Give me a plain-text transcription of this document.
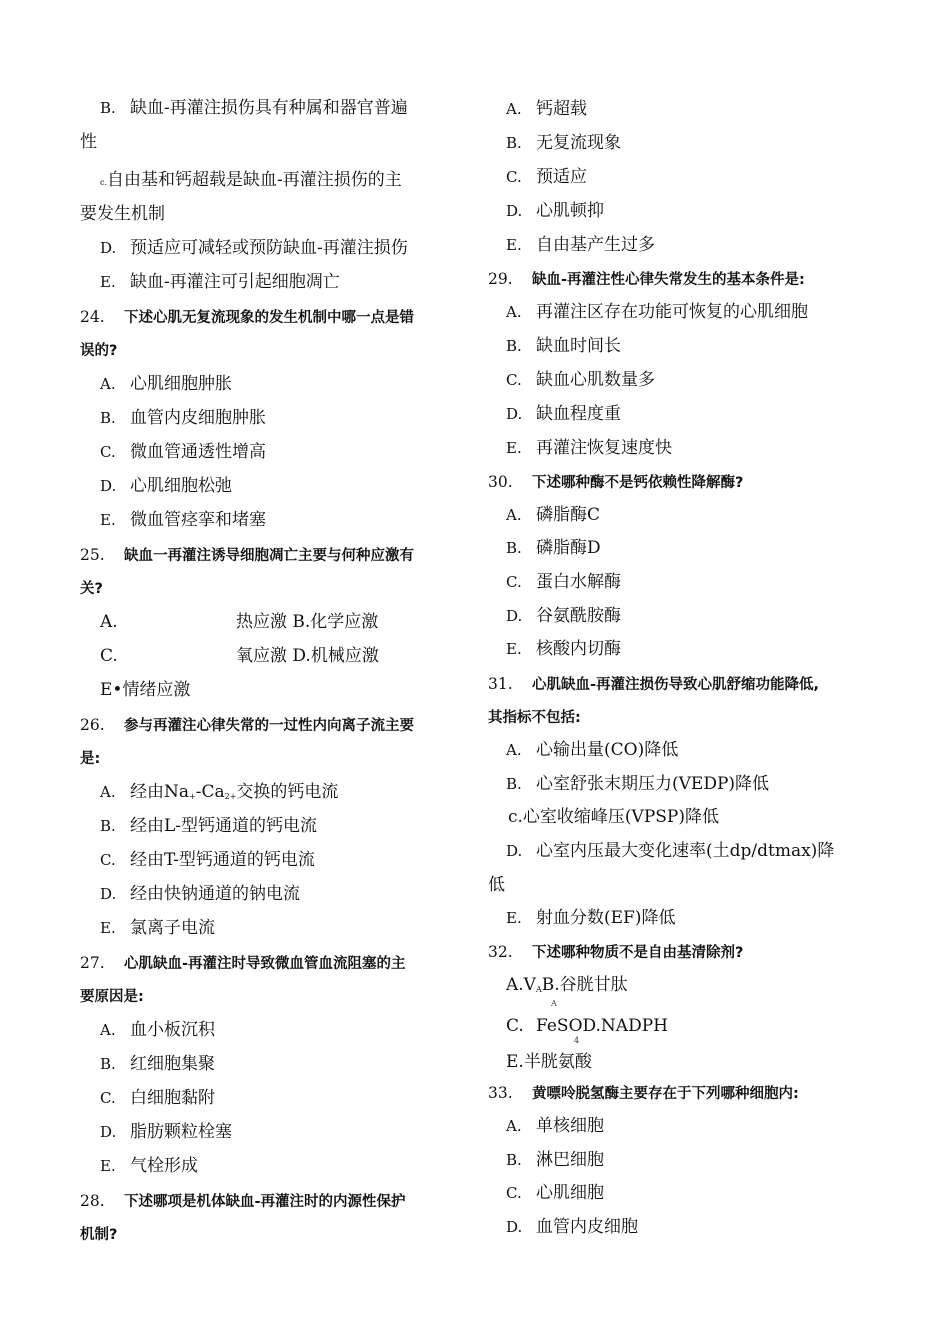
B. 缺血-再灌注损伤具有种属和器官普遍
性
c.自由基和钙超载是缺血-再灌注损伤的主
要发生机制
D. 预适应可减轻或预防缺血-再灌注损伤
E. 缺血-再灌注可引起细胞凋亡
24. 下述心肌无复流现象的发生机制中哪一点是错
误的?
A. 心肌细胞肿胀
B. 血管内皮细胞肿胀
C. 微血管通透性增高
D. 心肌细胞松弛
E. 微血管痉挛和堵塞
25. 缺血一再灌注诱导细胞凋亡主要与何种应激有
关?
A.	热应激 B.化学应激
C.	氧应激 D.机械应激
E•情绪应激
26. 参与再灌注心律失常的一过性内向离子流主要
是:
A. 经由$Na_+-Ca_{2+}$交换的钙电流
B. 经由L-型钙通道的钙电流
C. 经由T-型钙通道的钙电流
D. 经由快钠通道的钠电流
E. 氯离子电流
27. 心肌缺血-再灌注时导致微血管血流阻塞的主
要原因是:
A. 血小板沉积
B. 红细胞集聚
C. 白细胞黏附
D. 脂肪颗粒栓塞
E. 气栓形成
28. 下述哪项是机体缺血-再灌注时的内源性保护
机制?
A. 钙超载
B. 无复流现象
C. 预适应
D. 心肌顿抑
E. 自由基产生过多
29. 缺血-再灌注性心律失常发生的基本条件是:
A. 再灌注区存在功能可恢复的心肌细胞
B. 缺血时间长
C. 缺血心肌数量多
D. 缺血程度重
E. 再灌注恢复速度快
30. 下述哪种酶不是钙依赖性降解酶?
A. 磷脂酶C
B. 磷脂酶D
C. 蛋白水解酶
D. 谷氨酰胺酶
E. 核酸内切酶
31. 心肌缺血-再灌注损伤导致心肌舒缩功能降低,
其指标不包括:
A. 心输出量(CO)降低
B. 心室舒张末期压力(VEDP)降低
c.心室收缩峰压(VPSP)降低
D. 心室内压最大变化速率(土dp/dtmax)降
低
E. 射血分数(EF)降低
32. 下述哪种物质不是自由基清除剂?
$A.V_AB$.谷胱甘肽
A
C. FeSOD.NADPH
4
E.半胱氨酸
33. 黄嘌呤脱氢酶主要存在于下列哪种细胞内:
A. 单核细胞
B. 淋巴细胞
C. 心肌细胞
D. 血管内皮细胞
